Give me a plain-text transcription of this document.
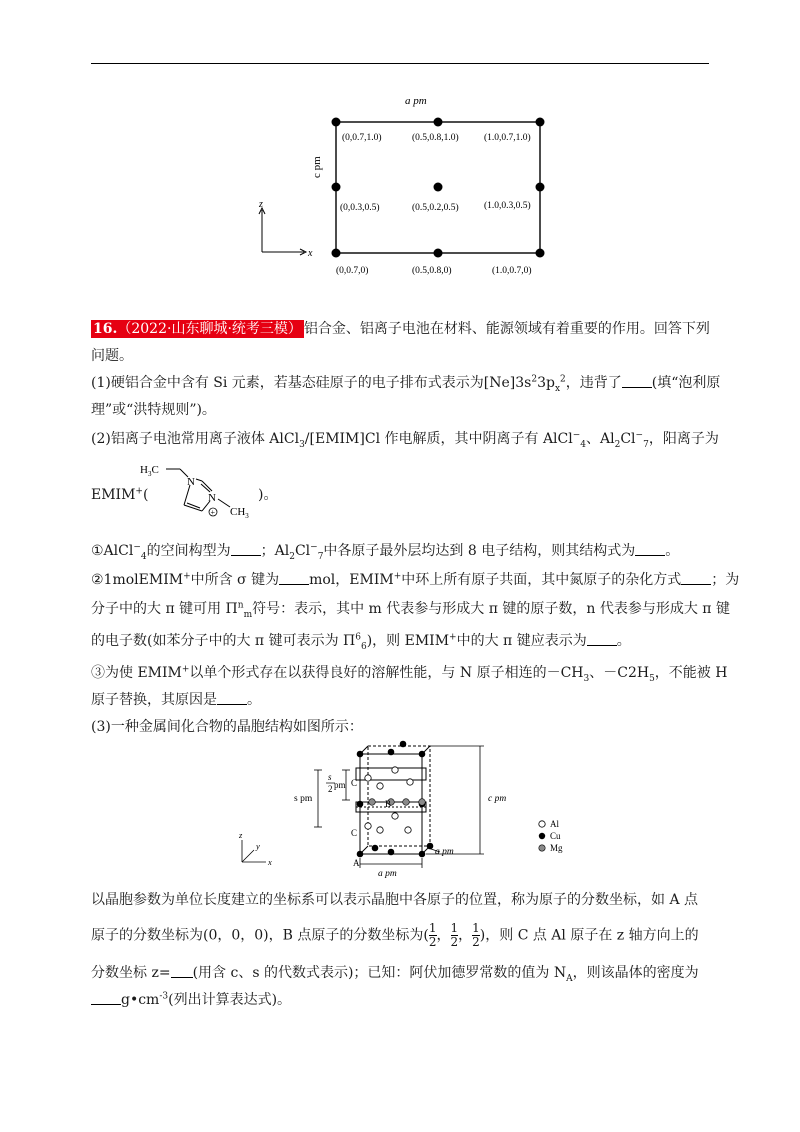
a pm
c pm
(0,0.7,1.0)	(0.5,0.8,1.0)	(1.0,0.7,1.0)
(0,0.3,0.5)	(0.5,0.2,0.5)	(1.0,0.3,0.5)
(0,0.7,0)	(0.5,0.8,0)	(1.0,0.7,0)
z
x
16.（2022·山东聊城·统考三模） 铝合金、铝离子电池在材料、能源领域有着重要的作用。回答下列
问题。
(1)硬铝合金中含有 Si 元素，若基态硅原子的电子排布式表示为$[Ne]3s^23p_x^2$，违背了 (填“泡利原
理”或“洪特规则”)。
(2)铝离子电池常用离子液体 AlCl$_3$/[EMIM]Cl 作电解质，其中阴离子有 AlCl−$_4$、$Al_2Cl^-_7$，阳离子为
EMIM+(
$H_3C$
N
N
+ $CH_3$
)。
①AlCl−$_4$的空间构型为 ；$Al_2Cl^-_7$中各原子最外层均达到 8 电子结构，则其结构式为 。
②1molEMIM+中所含 σ 键为 mol，EMIM+中环上所有原子共面，其中氮原子的杂化方式 ；为
分子中的大 π 键可用 $\Pi^n_m$符号：表示，其中 m 代表参与形成大 π 键的原子数，n 代表参与形成大 π 键
的电子数(如苯分子中的大 π 键可表示为 $\Pi^6_6$)，则 EMIM+中的大 π 键应表示为 。
③为使 EMIM+以单个形式存在以获得良好的溶解性能，与 N 原子相连的$-CH_3$、$-C2H_5$，不能被 H
原子替换，其原因是 。
(3)一种金属间化合物的晶胞结构如图所示：
s
2 pm
s pm	B
C
C
A
c pm
a pm
a pm
z
y
x
Al
Cu
Mg
以晶胞参数为单位长度建立的坐标系可以表示晶胞中各原子的位置，称为原子的分数坐标，如 A 点
原子的分数坐标为(0，0，0)，B 点原子的分数坐标为( $\frac{1}{2}$ ， $\frac{1}{2}$ ， $\frac{1}{2}$ )，则 C 点 Al 原子在 z 轴方向上的
分数坐标 z= (用含 c、s 的代数式表示)；已知：阿伏加德罗常数的值为 $N_A$，则该晶体的密度为
$g•cm^{-3}$(列出计算表达式)。
